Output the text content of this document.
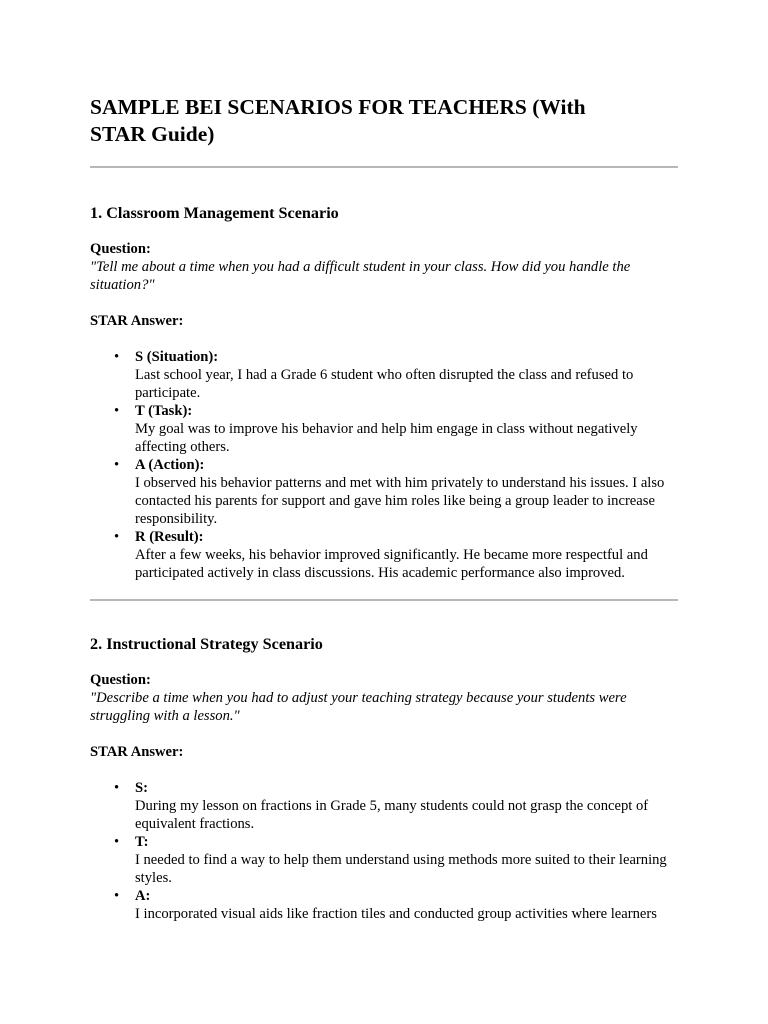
SAMPLE BEI SCENARIOS FOR TEACHERS (With STAR Guide)
1. Classroom Management Scenario
Question:
"Tell me about a time when you had a difficult student in your class. How did you handle the situation?"
STAR Answer:
• S (Situation):
Last school year, I had a Grade 6 student who often disrupted the class and refused to participate.
• T (Task):
My goal was to improve his behavior and help him engage in class without negatively affecting others.
• A (Action):
I observed his behavior patterns and met with him privately to understand his issues. I also contacted his parents for support and gave him roles like being a group leader to increase responsibility.
• R (Result):
After a few weeks, his behavior improved significantly. He became more respectful and participated actively in class discussions. His academic performance also improved.
2. Instructional Strategy Scenario
Question:
"Describe a time when you had to adjust your teaching strategy because your students were struggling with a lesson."
STAR Answer:
• S:
During my lesson on fractions in Grade 5, many students could not grasp the concept of equivalent fractions.
• T:
I needed to find a way to help them understand using methods more suited to their learning styles.
• A:
I incorporated visual aids like fraction tiles and conducted group activities where learners
